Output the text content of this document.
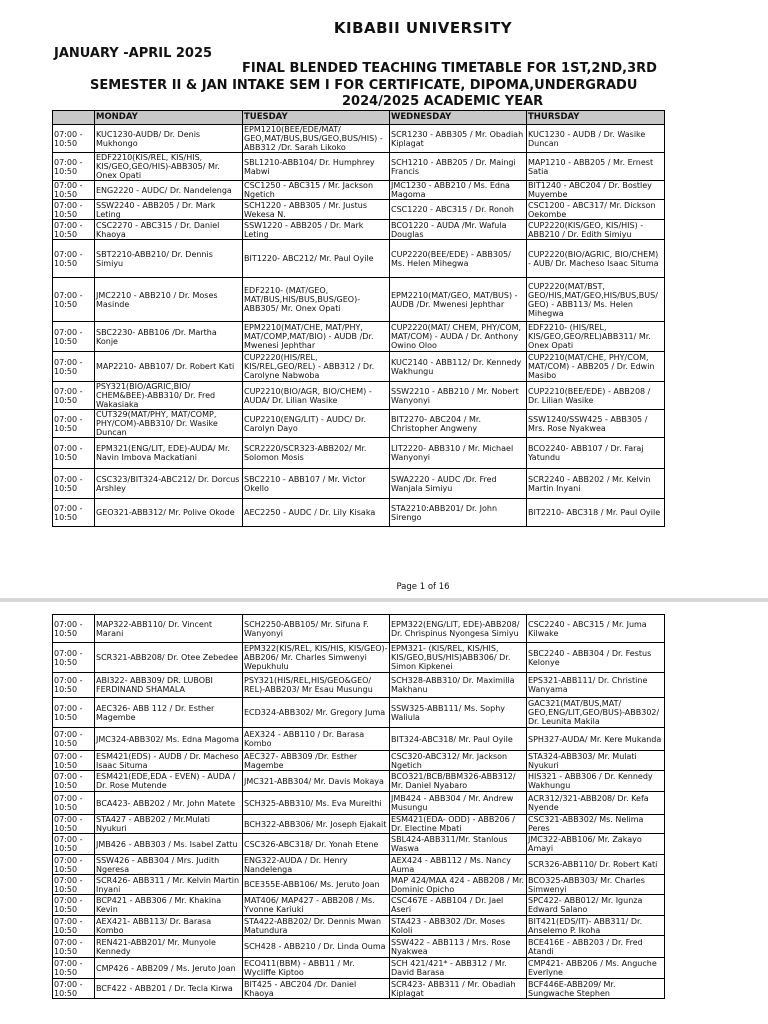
KIBABII UNIVERSITY
JANUARY -APRIL 2025
FINAL BLENDED TEACHING TIMETABLE FOR 1ST,2ND,3RD
SEMESTER II & JAN INTAKE SEM I FOR CERTIFICATE, DIPOMA,UNDERGRADU
2024/2025 ACADEMIC YEAR
	MONDAY	TUESDAY	WEDNESDAY	THURSDAY
07:00 - 10:50	KUC1230-AUDB/ Dr. Denis Mukhongo	EPM1210(BEE/EDE/MAT/ GEO,MAT/BUS,BUS/GEO,BUS/HIS) - ABB312 /Dr. Sarah Likoko	SCR1230 - ABB305 / Mr. Obadiah Kiplagat	KUC1230 - AUDB / Dr. Wasike Duncan
07:00 - 10:50	EDF2210(KIS/REL, KIS/HIS, KIS/GEO,GEO/HIS)-ABB305/ Mr. Onex Opati	SBL1210-ABB104/ Dr. Humphrey Mabwi	SCH1210 - ABB205 / Dr. Maingi Francis	MAP1210 - ABB205 / Mr. Ernest Satia
07:00 - 10:50	ENG2220 - AUDC/ Dr. Nandelenga	CSC1250 - ABC315 / Mr. Jackson Ngetich	JMC1230 - ABB210 / Ms. Edna Magoma	BIT1240 - ABC204 / Dr. Bostley Muyembe
07:00 - 10:50	SSW2240 - ABB205 / Dr. Mark Leting	SCH1220 - ABB305 / Mr. Justus Wekesa N.	CSC1220 - ABC315 / Dr. Ronoh	CSC1200 - ABC317/ Mr. Dickson Oekombe
07:00 - 10:50	CSC2270 - ABC315 / Dr. Daniel Khaoya	SSW1220 - ABB205 / Dr. Mark Leting	BCO1220 - AUDA /Mr. Wafula Douglas	CUP2220(KIS/GEO, KIS/HIS) - ABB210 / Dr. Edith Simiyu
07:00 - 10:50	SBT2210-ABB210/ Dr. Dennis Simiyu	BIT1220- ABC212/ Mr. Paul Oyile	CUP2220(BEE/EDE) - ABB305/ Ms. Helen Mihegwa	CUP2220(BIO/AGRIC, BIO/CHEM) - AUB/ Dr. Macheso Isaac Situma
07:00 - 10:50	JMC2210 - ABB210 / Dr. Moses Masinde	EDF2210- (MAT/GEO, MAT/BUS,HIS/BUS,BUS/GEO)-ABB305/ Mr. Onex Opati	EPM2210(MAT/GEO, MAT/BUS) - AUDB /Dr. Mwenesi Jephthar	CUP2220(MAT/BST, GEO/HIS,MAT/GEO,HIS/BUS,BUS/GEO) - ABB113/ Ms. Helen Mihegwa
07:00 - 10:50	SBC2230- ABB106 /Dr. Martha Konje	EPM2210(MAT/CHE, MAT/PHY, MAT/COMP,MAT/BIO) - AUDB /Dr. Mwenesi Jephthar	CUP2220(MAT/ CHEM, PHY/COM, MAT/COM) - AUDA / Dr. Anthony Owino Oloo	EDF2210- (HIS/REL, KIS/GEO,GEO/REL)ABB311/ Mr. Onex Opati
07:00 - 10:50	MAP2210- ABB107/ Dr. Robert Kati	CUP2220(HIS/REL, KIS/REL,GEO/REL) - ABB312 / Dr. Carolyne Nabwoba	KUC2140 - ABB112/ Dr. Kennedy Wakhungu	CUP2210(MAT/CHE, PHY/COM, MAT/COM) - ABB205 / Dr. Edwin Masibo
07:00 - 10:50	PSY321(BIO/AGRIC,BIO/ CHEM&BEE)-ABB310/ Dr. Fred Wakasiaka	CUP2210(BIO/AGR, BIO/CHEM) - AUDA/ Dr. Lilian Wasike	SSW2210 - ABB210 / Mr. Nobert Wanyonyi	CUP2210(BEE/EDE) - ABB208 / Dr. Lilian Wasike
07:00 - 10:50	CUT329(MAT/PHY, MAT/COMP, PHY/COM)-ABB310/ Dr. Wasike Duncan	CUP2210(ENG/LIT) - AUDC/ Dr. Carolyn Dayo	BIT2270- ABC204 / Mr. Christopher Angweny	SSW1240/SSW425 - ABB305 / Mrs. Rose Nyakwea
07:00 - 10:50	EPM321(ENG/LIT, EDE)-AUDA/ Mr. Navin Imbova Mackatiani	SCR2220/SCR323-ABB202/ Mr. Solomon Mosis	LIT2220- ABB310 / Mr. Michael Wanyonyi	BCO2240- ABB107 / Dr. Faraj Yatundu
07:00 - 10:50	CSC323/BIT324-ABC212/ Dr. Dorcus Arshley	SBC2210 - ABB107 / Mr. Victor Okello	SWA2220 - AUDC /Dr. Fred Wanjala Simiyu	SCR2240 - ABB202 / Mr. Kelvin Martin Inyani
07:00 - 10:50	GEO321-ABB312/ Mr. Polive Okode	AEC2250 - AUDC / Dr. Lily Kisaka	STA2210:ABB201/ Dr. John Sirengo	BIT2210- ABC318 / Mr. Paul Oyile
Page 1 of 16
07:00 - 10:50	MAP322-ABB110/ Dr. Vincent Marani	SCH2250-ABB105/ Mr. Sifuna F. Wanyonyi	EPM322(ENG/LIT, EDE)-ABB208/ Dr. Chrispinus Nyongesa Simiyu	CSC2240 - ABC315 / Mr. Juma Kilwake
07:00 - 10:50	SCR321-ABB208/ Dr. Otee Zebedee	EPM322(KIS/REL, KIS/HIS, KIS/GEO)-ABB206/ Mr. Charles Simwenyi Wepukhulu	EPM321- (KIS/REL, KIS/HIS, KIS/GEO,BUS/HIS)ABB306/ Dr. Simon Kipkenei	SBC2240 - ABB304 / Dr. Festus Kelonye
07:00 - 10:50	ABI322- ABB309/ DR. LUBOBI FERDINAND SHAMALA	PSY321(HIS/REL,HIS/GEO&GEO/ REL)-ABB203/ Mr Esau Musungu	SCH328-ABB310/ Dr. Maximilla Makhanu	EPS321-ABB111/ Dr. Christine Wanyama
07:00 - 10:50	AEC326- ABB 112 / Dr. Esther Magembe	ECD324-ABB302/ Mr. Gregory Juma	SSW325-ABB111/ Ms. Sophy Waliula	GAC321(MAT/BUS,MAT/ GEO,ENG/LIT,GEO/BUS)-ABB302/ Dr. Leunita Makila
07:00 - 10:50	JMC324-ABB302/ Ms. Edna Magoma	AEX324 - ABB110 / Dr. Barasa Kombo	BIT324-ABC318/ Mr. Paul Oyile	SPH327-AUDA/ Mr. Kere Mukanda
07:00 - 10:50	ESM421(EDS) - AUDB / Dr. Macheso Isaac Situma	AEC327- ABB309 /Dr. Esther Magembe	CSC320-ABC312/ Mr. Jackson Ngetich	STA324-ABB303/ Mr. Mulati Nyukuri
07:00 - 10:50	ESM421(EDE,EDA - EVEN) - AUDA / Dr. Rose Mutende	JMC321-ABB304/ Mr. Davis Mokaya	BCO321/BCB/BBM326-ABB312/ Mr. Daniel Nyabaro	HIS321 - ABB306 / Dr. Kennedy Wakhungu
07:00 - 10:50	BCA423- ABB202 / Mr. John Matete	SCH325-ABB310/ Ms. Eva Mureithi	JMB424 - ABB304 / Mr. Andrew Musungu	ACR312/321-ABB208/ Dr. Kefa Nyende
07:00 - 10:50	STA427 - ABB202 / Mr.Mulati Nyukuri	BCH322-ABB306/ Mr. Joseph Ejakait	ESM421(EDA- ODD) - ABB206 / Dr. Electine Mbati	CSC321-ABB302/ Ms. Nelima Peres
07:00 - 10:50	JMB426 - ABB303 / Ms. Isabel Zattu	CSC326-ABC318/ Dr. Yonah Etene	SBL424-ABB311/Mr. Stanlous Waswa	JMC322-ABB106/ Mr. Zakayo Amayi
07:00 - 10:50	SSW426 - ABB304 / Mrs. Judith Ngeresa	ENG322-AUDA / Dr. Henry Nandelenga	AEX424 - ABB112 / Ms. Nancy Auma	SCR326-ABB110/ Dr. Robert Kati
07:00 - 10:50	SCR426- ABB311 / Mr. Kelvin Martin Inyani	BCE355E-ABB106/ Ms. Jeruto Joan	MAP 424/MAA 424 - ABB208 / Mr. Dominic Opicho	BCO325-ABB303/ Mr. Charles Simwenyi
07:00 - 10:50	BCP421 - ABB306 / Mr. Khakina Kevin	MAT406/ MAP427 - ABB208 / Ms. Yvonne Kariuki	CSC467E - ABB104 / Dr. Jael Aseri	SPC422- ABB012/ Mr. Igunza Edward Salano
07:00 - 10:50	AEX421- ABB113/ Dr. Barasa Kombo	STA422-ABB202/ Dr. Dennis Mwan Matundura	STA423 - ABB302 /Dr. Moses Kololi	BIT421(EDS/IT)- ABB311/ Dr. Anselemo P. Ikoha
07:00 - 10:50	REN421-ABB201/ Mr. Munyole Kennedy	SCH428 - ABB210 / Dr. Linda Ouma	SSW422 - ABB113 / Mrs. Rose Nyakwea	BCE416E - ABB203 / Dr. Fred Atandi
07:00 - 10:50	CMP426 - ABB209 / Ms. Jeruto Joan	ECO411(BBM) - ABB11 / Mr. Wycliffe Kiptoo	SCH 421/421* - ABB312 / Mr. David Barasa	CMP421- ABB206 / Ms. Anguche Everlyne
07:00 - 10:50	BCF422 - ABB201 / Dr. Tecla Kirwa	BIT425 - ABC204 /Dr. Daniel Khaoya	SCR423- ABB311 / Mr. Obadiah Kiplagat	BCF446E-ABB209/ Mr. Sungwache Stephen
